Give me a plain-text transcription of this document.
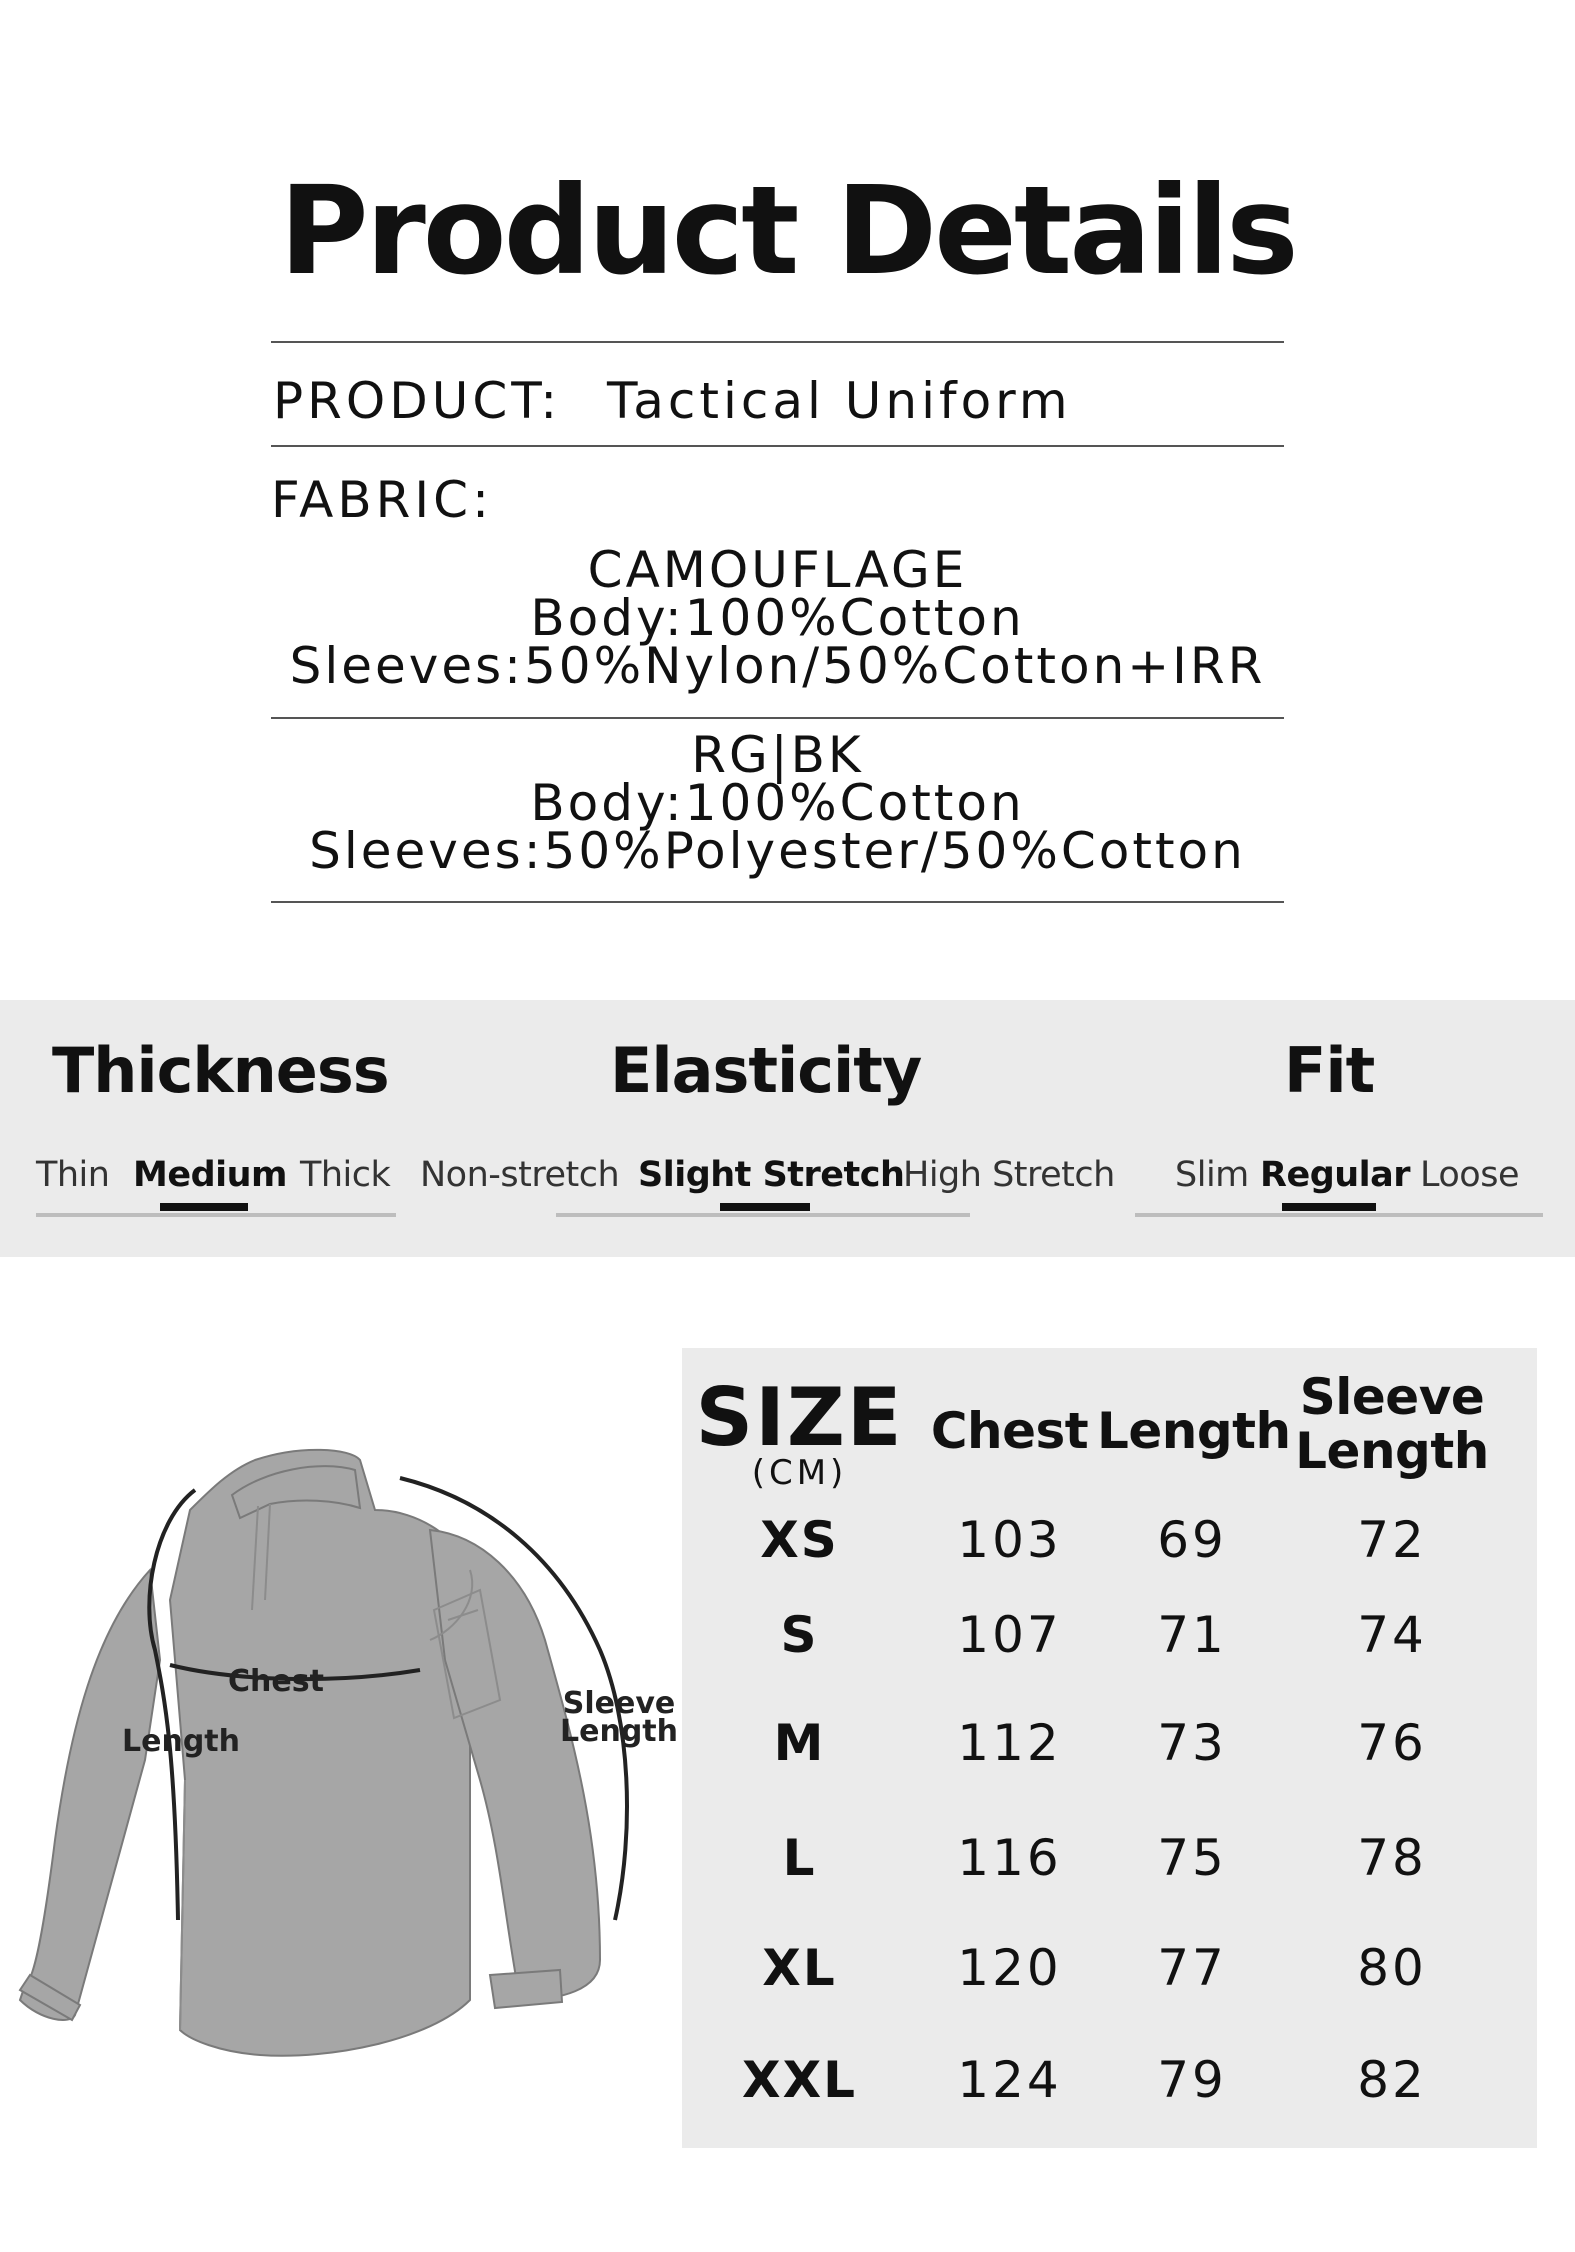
Product Details
PRODUCT: Tactical Uniform
FABRIC:
CAMOUFLAGE
Body:100%Cotton
Sleeves:50%Nylon/50%Cotton+IRR
RG|BK
Body:100%Cotton
Sleeves:50%Polyester/50%Cotton
Thickness
Thin Medium Thick
Elasticity
Non-stretch Slight Stretch
High Stretch
Fit
Slim Regular Loose
Chest
Length
Sleeve
Length
SIZE
(CM)
Chest Length
Sleeve
Length
XS	103	69	72
S	107	71	74
M	112	73	76
L	116	75	78
XL	120	77	80
XXL	124	79	82
